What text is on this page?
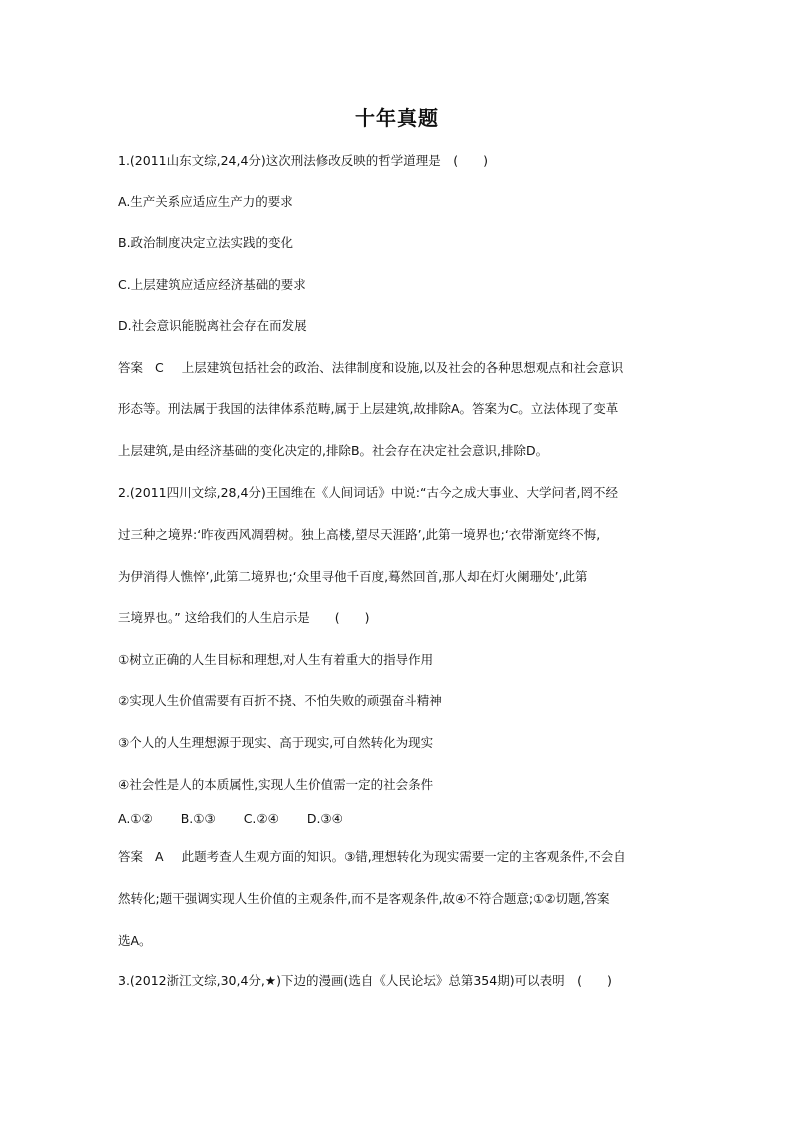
十年真题
1.(2011山东文综,24,4分)这次刑法修改反映的哲学道理是　(　　)
A.生产关系应适应生产力的要求
B.政治制度决定立法实践的变化
C.上层建筑应适应经济基础的要求
D.社会意识能脱离社会存在而发展
答案 C 上层建筑包括社会的政治、法律制度和设施,以及社会的各种思想观点和社会意识
形态等。刑法属于我国的法律体系范畴,属于上层建筑,故排除A。答案为C。立法体现了变革
上层建筑,是由经济基础的变化决定的,排除B。社会存在决定社会意识,排除D。
2.(2011四川文综,28,4分)王国维在《人间词话》中说:“古今之成大事业、大学问者,罔不经
过三种之境界:‘昨夜西风凋碧树。独上高楼,望尽天涯路’,此第一境界也;‘衣带渐宽终不悔,
为伊消得人憔悴’,此第二境界也;‘众里寻他千百度,蓦然回首,那人却在灯火阑珊处’,此第
三境界也。” 这给我们的人生启示是　　(　　)
①树立正确的人生目标和理想,对人生有着重大的指导作用
②实现人生价值需要有百折不挠、不怕失败的顽强奋斗精神
③个人的人生理想源于现实、高于现实,可自然转化为现实
④社会性是人的本质属性,实现人生价值需一定的社会条件
A.①② B.①③ C.②④ D.③④
答案 A 此题考查人生观方面的知识。③错,理想转化为现实需要一定的主客观条件,不会自
然转化;题干强调实现人生价值的主观条件,而不是客观条件,故④不符合题意;①②切题,答案
选A。
3.(2012浙江文综,30,4分,★)下边的漫画(选自《人民论坛》总第354期)可以表明　(　　)
